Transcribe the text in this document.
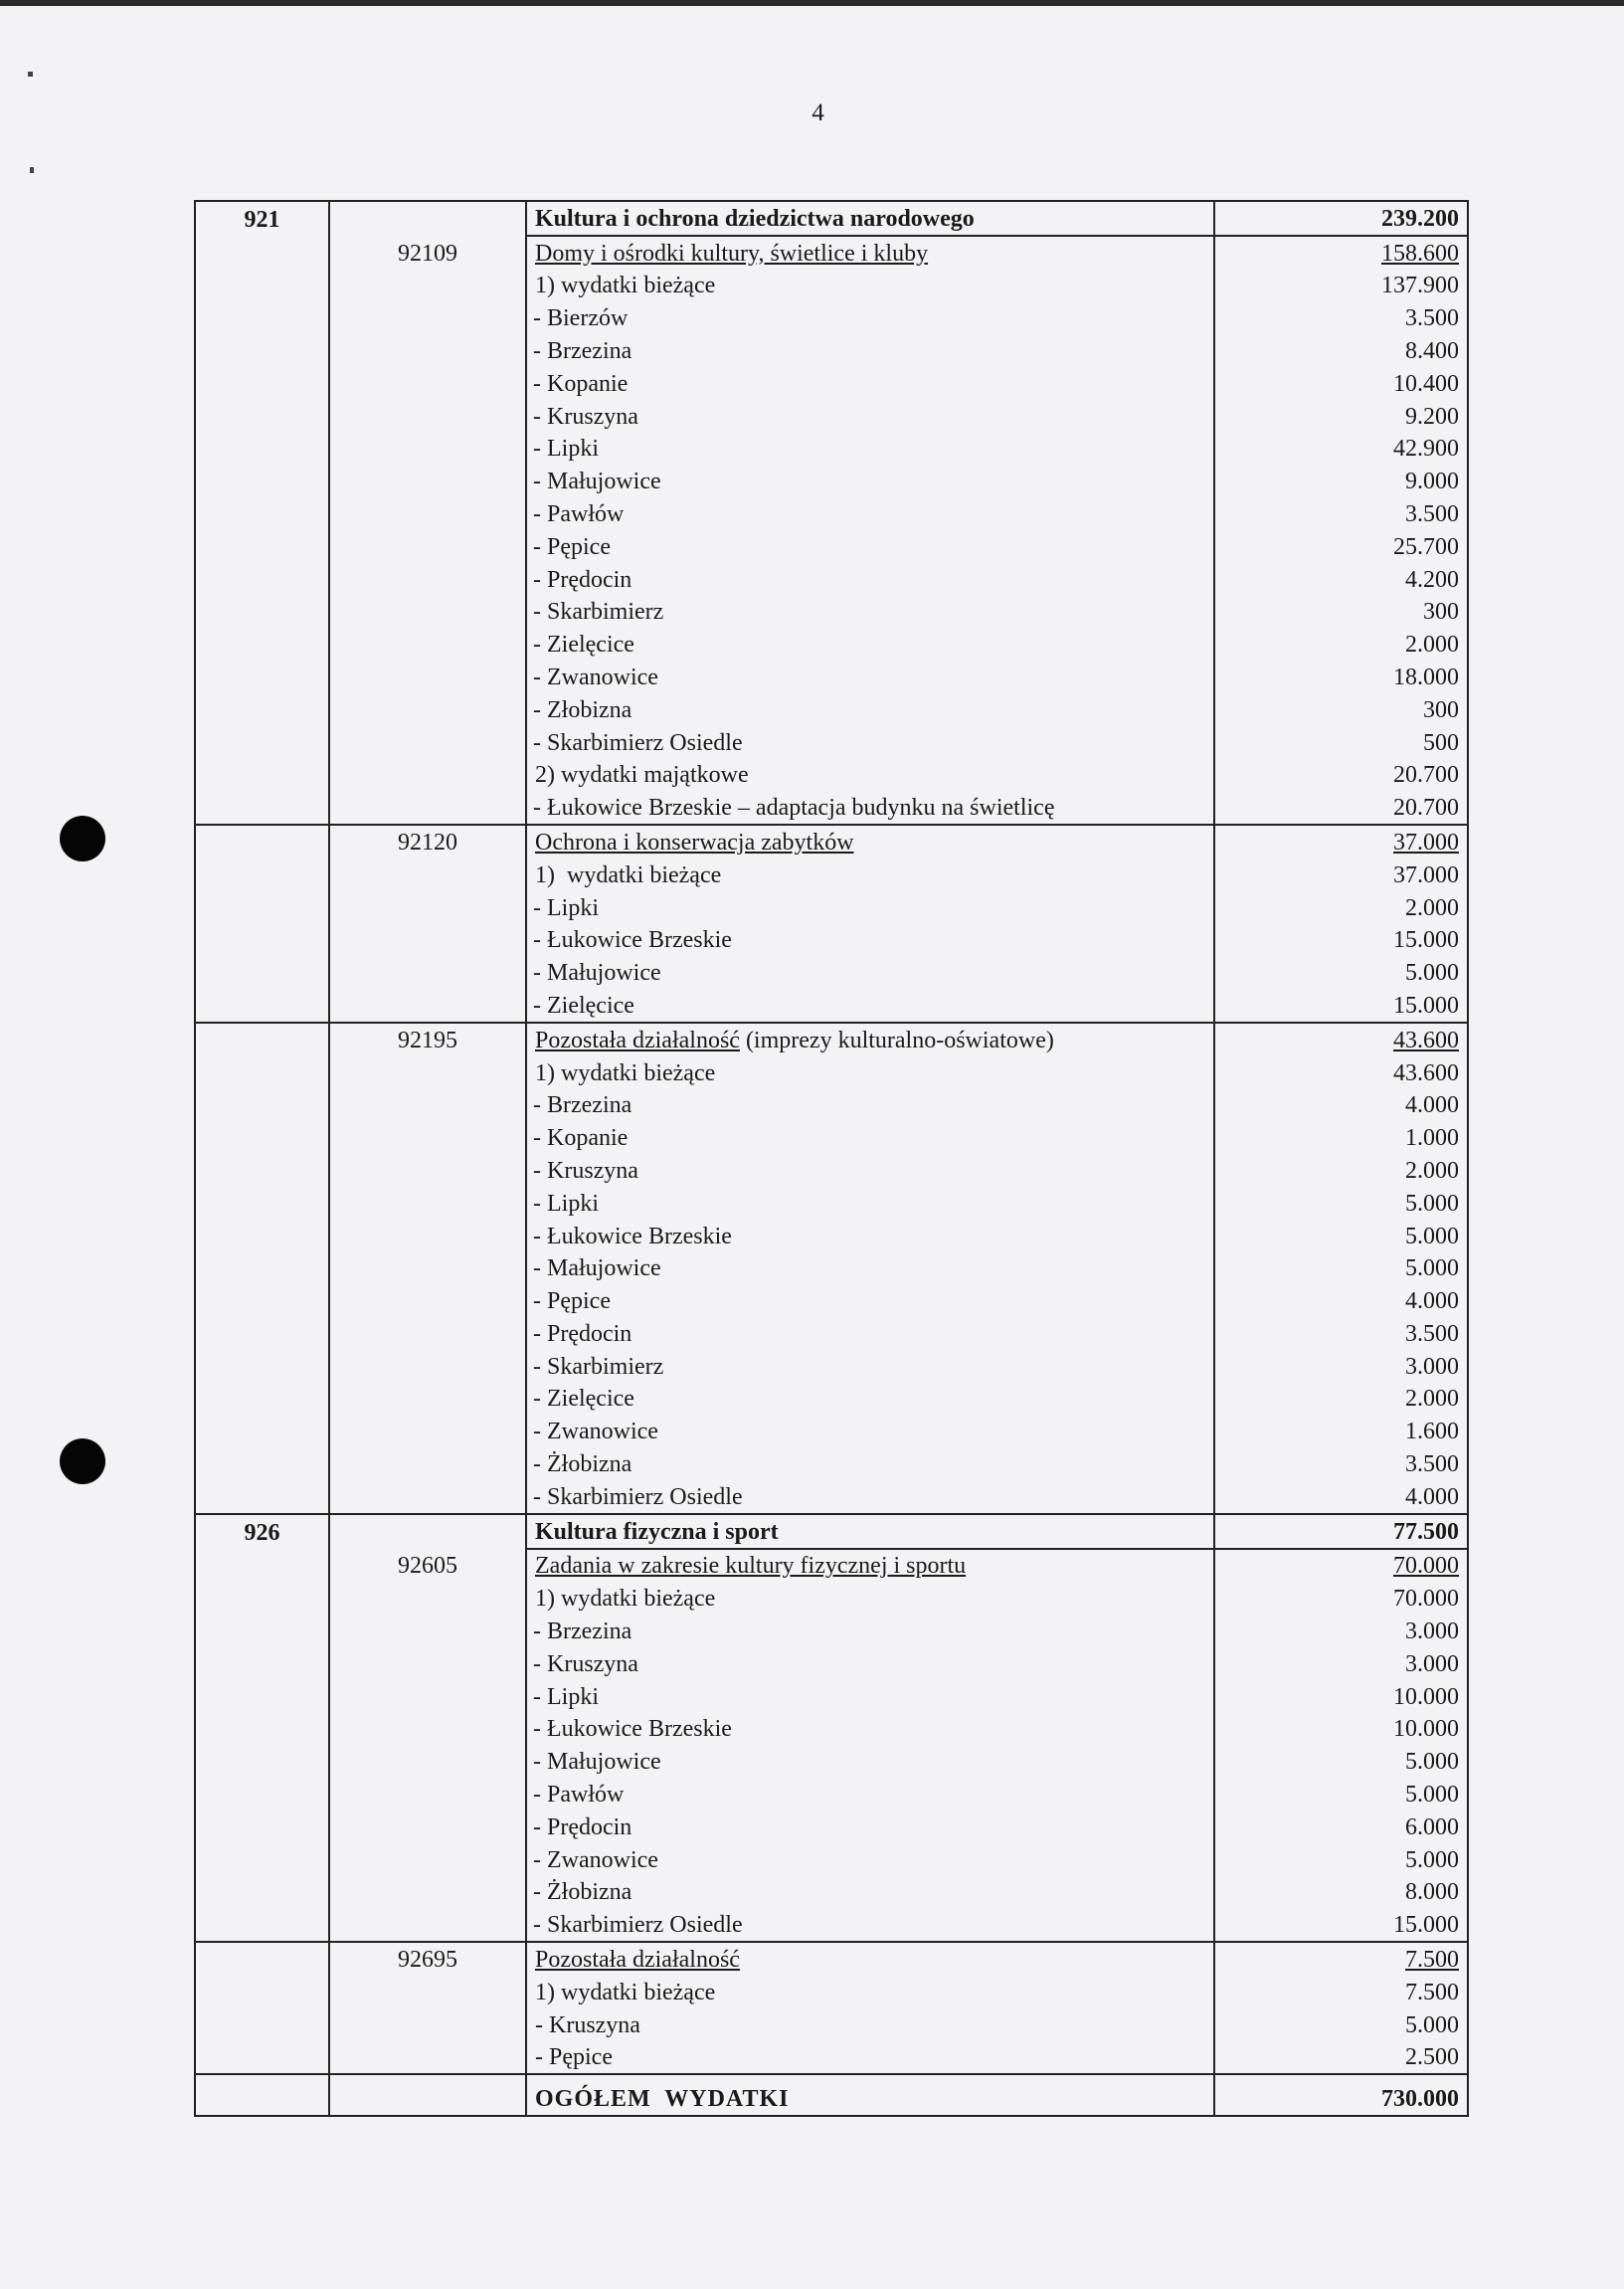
4
921		Kultura i ochrona dziedzictwa narodowego	239.200
	92109	Domy i ośrodki kultury, świetlice i kluby	158.600
		1) wydatki bieżące	137.900
		- Bierzów	3.500
		- Brzezina	8.400
		- Kopanie	10.400
		- Kruszyna	9.200
		- Lipki	42.900
		- Małujowice	9.000
		- Pawłów	3.500
		- Pępice	25.700
		- Prędocin	4.200
		- Skarbimierz	300
		- Zielęcice	2.000
		- Zwanowice	18.000
		- Złobizna	300
		- Skarbimierz Osiedle	500
		2) wydatki majątkowe	20.700
		- Łukowice Brzeskie – adaptacja budynku na świetlicę	20.700
	92120	Ochrona i konserwacja zabytków	37.000
		1)  wydatki bieżące	37.000
		- Lipki	2.000
		- Łukowice Brzeskie	15.000
		- Małujowice	5.000
		- Zielęcice	15.000
	92195	Pozostała działalność (imprezy kulturalno-oświatowe)	43.600
		1) wydatki bieżące	43.600
		- Brzezina	4.000
		- Kopanie	1.000
		- Kruszyna	2.000
		- Lipki	5.000
		- Łukowice Brzeskie	5.000
		- Małujowice	5.000
		- Pępice	4.000
		- Prędocin	3.500
		- Skarbimierz	3.000
		- Zielęcice	2.000
		- Zwanowice	1.600
		- Żłobizna	3.500
		- Skarbimierz Osiedle	4.000
926		Kultura fizyczna i sport	77.500
	92605	Zadania w zakresie kultury fizycznej i sportu	70.000
		1) wydatki bieżące	70.000
		- Brzezina	3.000
		- Kruszyna	3.000
		- Lipki	10.000
		- Łukowice Brzeskie	10.000
		- Małujowice	5.000
		- Pawłów	5.000
		- Prędocin	6.000
		- Zwanowice	5.000
		- Żłobizna	8.000
		- Skarbimierz Osiedle	15.000
	92695	Pozostała działalność	7.500
		1) wydatki bieżące	7.500
		- Kruszyna	5.000
		- Pępice	2.500
		OGÓŁEM  WYDATKI	730.000
